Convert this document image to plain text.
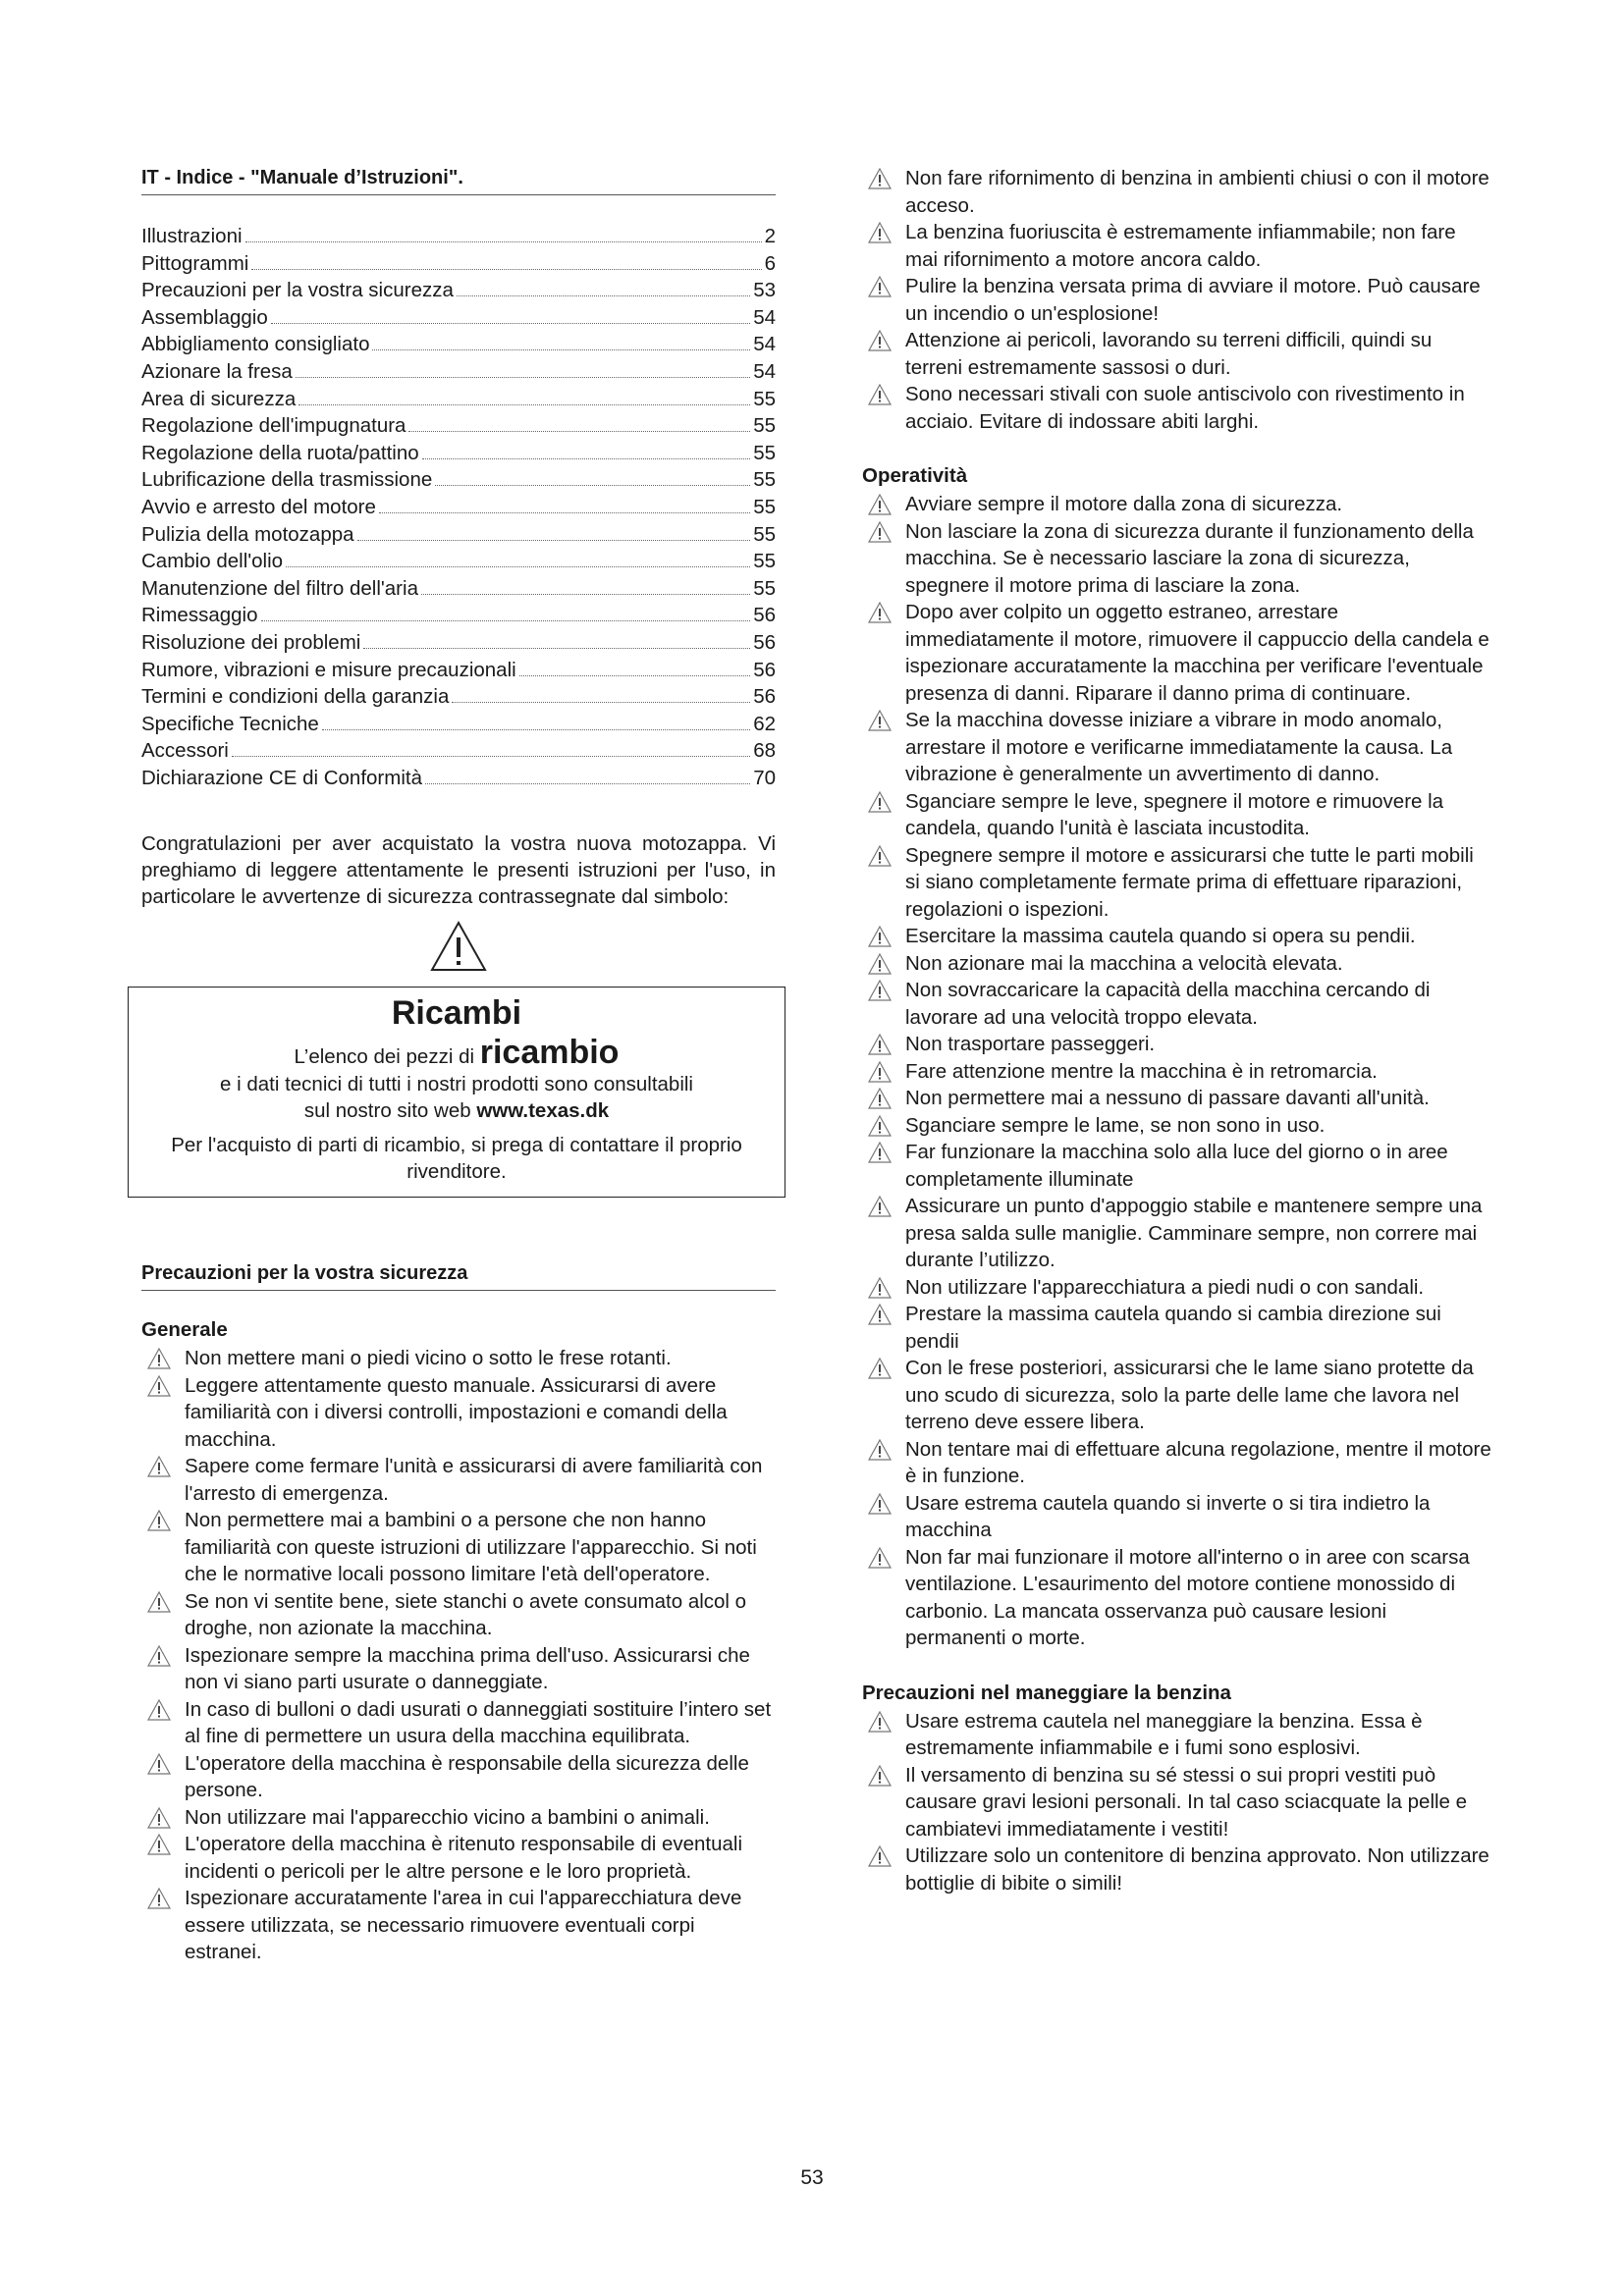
IT - Indice - "Manuale d’Istruzioni".
Illustrazioni	2
Pittogrammi	6
Precauzioni per la vostra sicurezza	53
Assemblaggio	54
Abbigliamento consigliato	54
Azionare la fresa	54
Area di sicurezza	55
Regolazione dell'impugnatura	55
Regolazione della ruota/pattino	55
Lubrificazione della trasmissione	55
Avvio e arresto del motore	55
Pulizia della motozappa	55
Cambio dell'olio	55
Manutenzione del filtro dell'aria	55
Rimessaggio	56
Risoluzione dei problemi	56
Rumore, vibrazioni e misure precauzionali	56
Termini e condizioni della garanzia	56
Specifiche Tecniche	62
Accessori	68
Dichiarazione CE di Conformità	70
Congratulazioni per aver acquistato la vostra nuova motozappa. Vi preghiamo di leggere attentamente le presenti istruzioni per l'uso, in particolare le avvertenze di sicurezza contrassegnate dal simbolo:
Ricambi
L’elenco dei pezzi di ricambio
e i dati tecnici di tutti i nostri prodotti sono consultabili
sul nostro sito web www.texas.dk
Per l'acquisto di parti di ricambio, si prega di contattare il proprio rivenditore.
Precauzioni per la vostra sicurezza
Generale
Non mettere mani o piedi vicino o sotto le frese rotanti.
Leggere attentamente questo manuale. Assicurarsi di avere familiarità con i diversi controlli, impostazioni e comandi della macchina.
Sapere come fermare l'unità e assicurarsi di avere familiarità con l'arresto di emergenza.
Non permettere mai a bambini o a persone che non hanno familiarità con queste istruzioni di utilizzare l'apparecchio. Si noti che le normative locali possono limitare l'età dell'operatore.
Se non vi sentite bene, siete stanchi o avete consumato alcol o droghe, non azionate la macchina.
Ispezionare sempre la macchina prima dell'uso. Assicurarsi che non vi siano parti usurate o danneggiate.
In caso di bulloni o dadi usurati o danneggiati sostituire l’intero set al fine di permettere un usura della macchina equilibrata.
L'operatore della macchina è responsabile della sicurezza delle persone.
Non utilizzare mai l'apparecchio vicino a bambini o animali.
L'operatore della macchina è ritenuto responsabile di eventuali incidenti o pericoli per le altre persone e le loro proprietà.
Ispezionare accuratamente l'area in cui l'apparecchiatura deve essere utilizzata, se necessario rimuovere eventuali corpi estranei.
Non fare rifornimento di benzina in ambienti chiusi o con il motore acceso.
La benzina fuoriuscita è estremamente infiammabile; non fare mai rifornimento a motore ancora caldo.
Pulire la benzina versata prima di avviare il motore. Può causare un incendio o un'esplosione!
Attenzione ai pericoli, lavorando su terreni difficili, quindi su terreni estremamente sassosi o duri.
Sono necessari stivali con suole antiscivolo con rivestimento in acciaio. Evitare di indossare abiti larghi.
Operatività
Avviare sempre il motore dalla zona di sicurezza.
Non lasciare la zona di sicurezza durante il funzionamento della macchina. Se è necessario lasciare la zona di sicurezza, spegnere il motore prima di lasciare la zona.
Dopo aver colpito un oggetto estraneo, arrestare immediatamente il motore, rimuovere il cappuccio della candela e ispezionare accuratamente la macchina per verificare l'eventuale presenza di danni. Riparare il danno prima di continuare.
Se la macchina dovesse iniziare a vibrare in modo anomalo, arrestare il motore e verificarne immediatamente la causa. La vibrazione è generalmente un avvertimento di danno.
Sganciare sempre le leve, spegnere il motore e rimuovere la candela, quando l'unità è lasciata incustodita.
Spegnere sempre il motore e assicurarsi che tutte le parti mobili si siano completamente fermate prima di effettuare riparazioni, regolazioni o ispezioni.
Esercitare la massima cautela quando si opera su pendii.
Non azionare mai la macchina a velocità elevata.
Non sovraccaricare la capacità della macchina cercando di lavorare ad una velocità troppo elevata.
Non trasportare passeggeri.
Fare attenzione mentre la macchina è in retromarcia.
Non permettere mai a nessuno di passare davanti all'unità.
Sganciare sempre le lame, se non sono in uso.
Far funzionare la macchina solo alla luce del giorno o in aree completamente illuminate
Assicurare un punto d'appoggio stabile e mantenere sempre una presa salda sulle maniglie. Camminare sempre, non correre mai durante l’utilizzo.
Non utilizzare l'apparecchiatura a piedi nudi o con sandali.
Prestare la massima cautela quando si cambia direzione sui pendii
Con le frese posteriori, assicurarsi che le lame siano protette da uno scudo di sicurezza, solo la parte delle lame che lavora nel terreno deve essere libera.
Non tentare mai di effettuare alcuna regolazione, mentre il motore è in funzione.
Usare estrema cautela quando si inverte o si tira indietro la macchina
Non far mai funzionare il motore all'interno o in aree con scarsa ventilazione. L'esaurimento del motore contiene monossido di carbonio. La mancata osservanza può causare lesioni permanenti o morte.
Precauzioni nel maneggiare la benzina
Usare estrema cautela nel maneggiare la benzina. Essa è estremamente infiammabile e i fumi sono esplosivi.
Il versamento di benzina su sé stessi o sui propri vestiti può causare gravi lesioni personali. In tal caso sciacquate la pelle e cambiatevi immediatamente i vestiti!
Utilizzare solo un contenitore di benzina approvato. Non utilizzare bottiglie di bibite o simili!
53
